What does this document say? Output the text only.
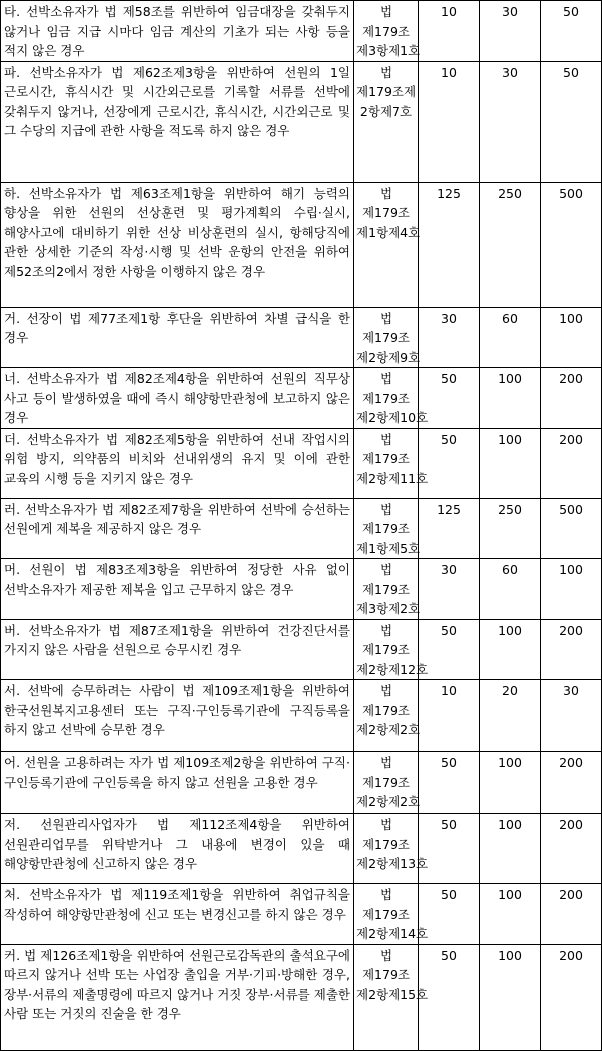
타. 선박소유자가 법 제58조를 위반하여 임금대장을 갖춰두지 않거나 임금 지급 시마다 임금 계산의 기초가 되는 사항 등을 적지 않은 경우	법 제179조 제3항제1호	10	30	50
파. 선박소유자가 법 제62조제3항을 위반하여 선원의 1일 근로시간, 휴식시간 및 시간외근로를 기록할 서류를 선박에 갖춰두지 않거나, 선장에게 근로시간, 휴식시간, 시간외근로 및 그 수당의 지급에 관한 사항을 적도록 하지 않은 경우	법 제179조제 2항제7호	10	30	50
하. 선박소유자가 법 제63조제1항을 위반하여 해기 능력의 향상을 위한 선원의 선상훈련 및 평가계획의 수립·실시, 해양사고에 대비하기 위한 선상 비상훈련의 실시, 항해당직에 관한 상세한 기준의 작성·시행 및 선박 운항의 안전을 위하여 제52조의2에서 정한 사항을 이행하지 않은 경우	법 제179조 제1항제4호	125	250	500
거. 선장이 법 제77조제1항 후단을 위반하여 차별 급식을 한 경우	법 제179조 제2항제9호	30	60	100
너. 선박소유자가 법 제82조제4항을 위반하여 선원의 직무상 사고 등이 발생하였을 때에 즉시 해양항만관청에 보고하지 않은 경우	법 제179조 제2항제10호	50	100	200
더. 선박소유자가 법 제82조제5항을 위반하여 선내 작업시의 위험 방지, 의약품의 비치와 선내위생의 유지 및 이에 관한 교육의 시행 등을 지키지 않은 경우	법 제179조 제2항제11호	50	100	200
러. 선박소유자가 법 제82조제7항을 위반하여 선박에 승선하는 선원에게 제복을 제공하지 않은 경우	법 제179조 제1항제5호	125	250	500
머. 선원이 법 제83조제3항을 위반하여 정당한 사유 없이 선박소유자가 제공한 제복을 입고 근무하지 않은 경우	법 제179조 제3항제2호	30	60	100
버. 선박소유자가 법 제87조제1항을 위반하여 건강진단서를 가지지 않은 사람을 선원으로 승무시킨 경우	법 제179조 제2항제12호	50	100	200
서. 선박에 승무하려는 사람이 법 제109조제1항을 위반하여 한국선원복지고용센터 또는 구직·구인등록기관에 구직등록을 하지 않고 선박에 승무한 경우	법 제179조 제2항제2호	10	20	30
어. 선원을 고용하려는 자가 법 제109조제2항을 위반하여 구직·구인등록기관에 구인등록을 하지 않고 선원을 고용한 경우	법 제179조 제2항제2호	50	100	200
저. 선원관리사업자가 법 제112조제4항을 위반하여 선원관리업무를 위탁받거나 그 내용에 변경이 있을 때 해양항만관청에 신고하지 않은 경우	법 제179조 제2항제13호	50	100	200
처. 선박소유자가 법 제119조제1항을 위반하여 취업규칙을 작성하여 해양항만관청에 신고 또는 변경신고를 하지 않은 경우	법 제179조 제2항제14호	50	100	200
커. 법 제126조제1항을 위반하여 선원근로감독관의 출석요구에 따르지 않거나 선박 또는 사업장 출입을 거부·기피·방해한 경우, 장부·서류의 제출명령에 따르지 않거나 거짓 장부·서류를 제출한 사람 또는 거짓의 진술을 한 경우	법 제179조 제2항제15호	50	100	200
